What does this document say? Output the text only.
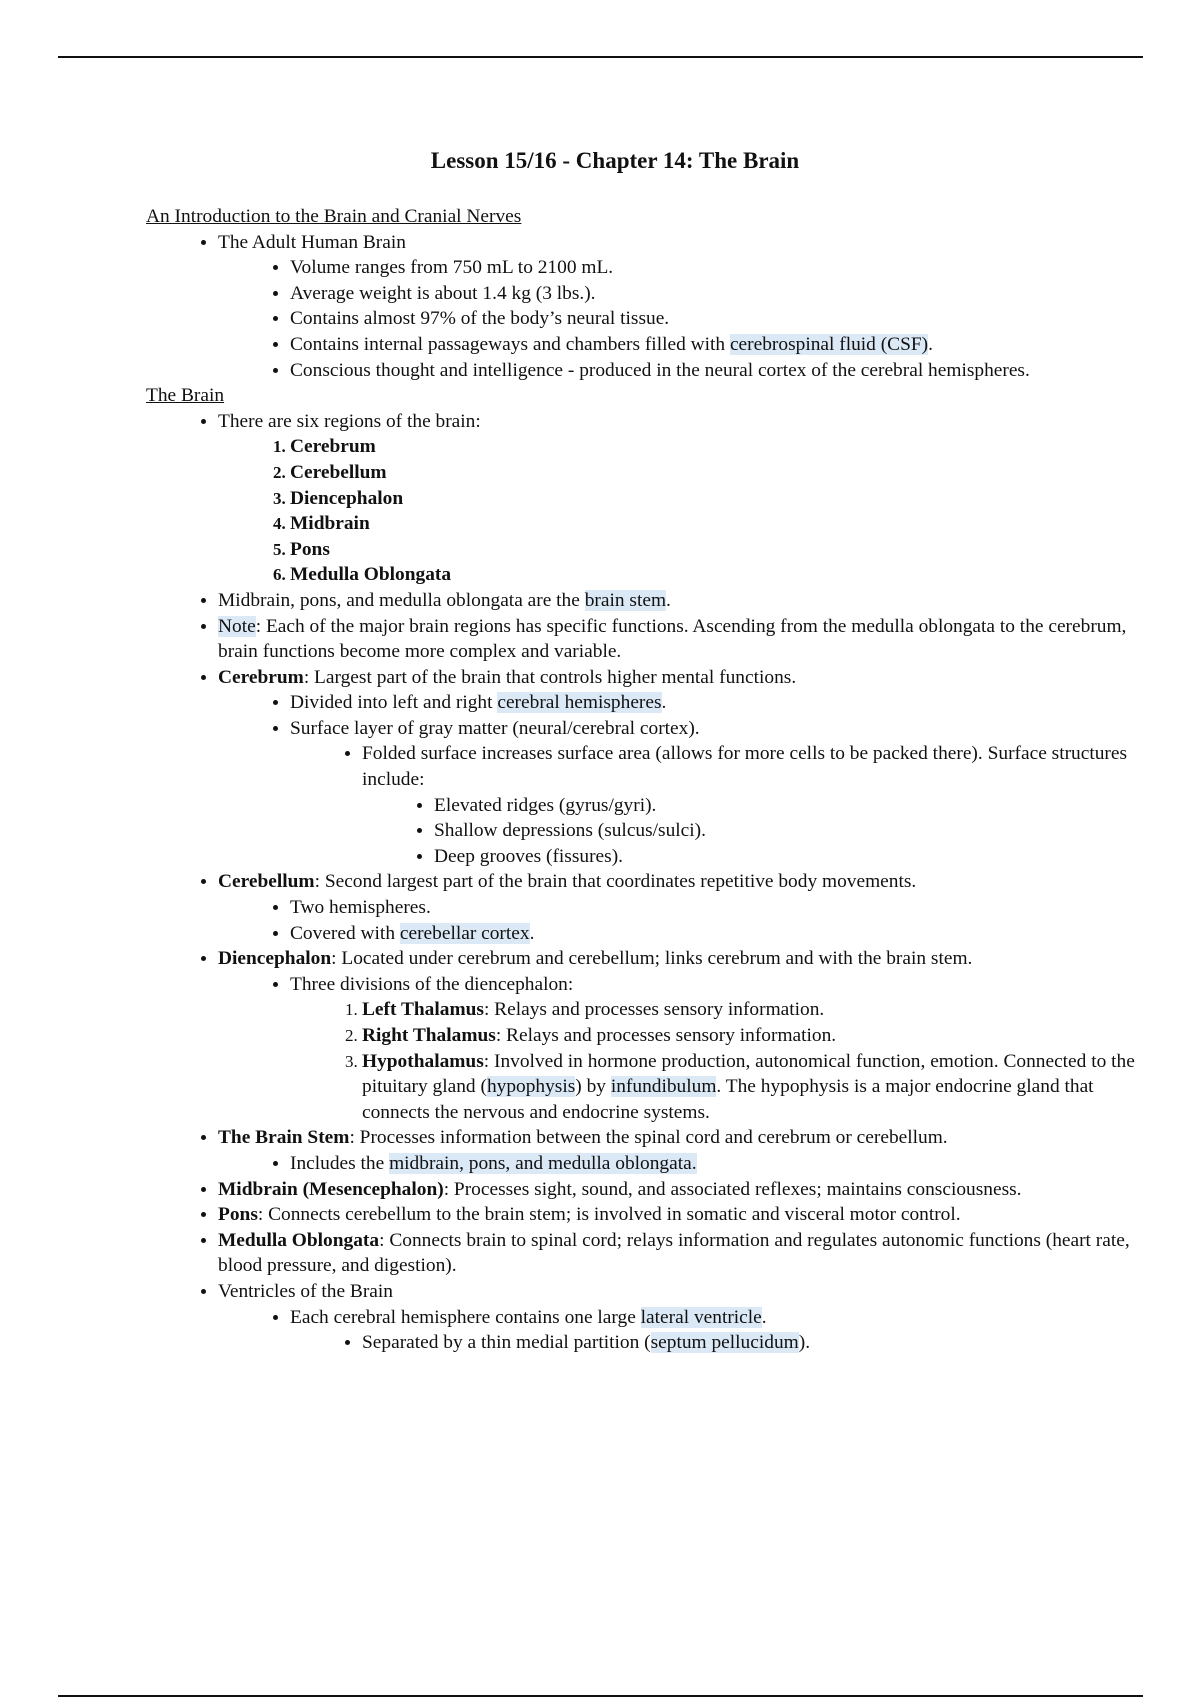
Lesson 15/16 - Chapter 14: The Brain

An Introduction to the Brain and Cranial Nerves

• The Adult Human Brain
• Volume ranges from 750 mL to 2100 mL.
• Average weight is about 1.4 kg (3 lbs.).
• Contains almost 97% of the body’s neural tissue.
• Contains internal passageways and chambers filled with cerebrospinal fluid (CSF).
• Conscious thought and intelligence - produced in the neural cortex of the cerebral hemispheres.

The Brain

• There are six regions of the brain:
1. Cerebrum
2. Cerebellum
3. Diencephalon
4. Midbrain
5. Pons
6. Medulla Oblongata
• Midbrain, pons, and medulla oblongata are the brain stem.
• Note: Each of the major brain regions has specific functions. Ascending from the medulla oblongata to the cerebrum, brain functions become more complex and variable.
• Cerebrum: Largest part of the brain that controls higher mental functions.
• Divided into left and right cerebral hemispheres.
• Surface layer of gray matter (neural/cerebral cortex).
• Folded surface increases surface area (allows for more cells to be packed there). Surface structures include:
• Elevated ridges (gyrus/gyri).
• Shallow depressions (sulcus/sulci).
• Deep grooves (fissures).
• Cerebellum: Second largest part of the brain that coordinates repetitive body movements.
• Two hemispheres.
• Covered with cerebellar cortex.
• Diencephalon: Located under cerebrum and cerebellum; links cerebrum and with the brain stem.
• Three divisions of the diencephalon:
1. Left Thalamus: Relays and processes sensory information.
2. Right Thalamus: Relays and processes sensory information.
3. Hypothalamus: Involved in hormone production, autonomical function, emotion. Connected to the pituitary gland (hypophysis) by infundibulum. The hypophysis is a major endocrine gland that connects the nervous and endocrine systems.
• The Brain Stem: Processes information between the spinal cord and cerebrum or cerebellum.
• Includes the midbrain, pons, and medulla oblongata.
• Midbrain (Mesencephalon): Processes sight, sound, and associated reflexes; maintains consciousness.
• Pons: Connects cerebellum to the brain stem; is involved in somatic and visceral motor control.
• Medulla Oblongata: Connects brain to spinal cord; relays information and regulates autonomic functions (heart rate, blood pressure, and digestion).
• Ventricles of the Brain
• Each cerebral hemisphere contains one large lateral ventricle.
• Separated by a thin medial partition (septum pellucidum).
